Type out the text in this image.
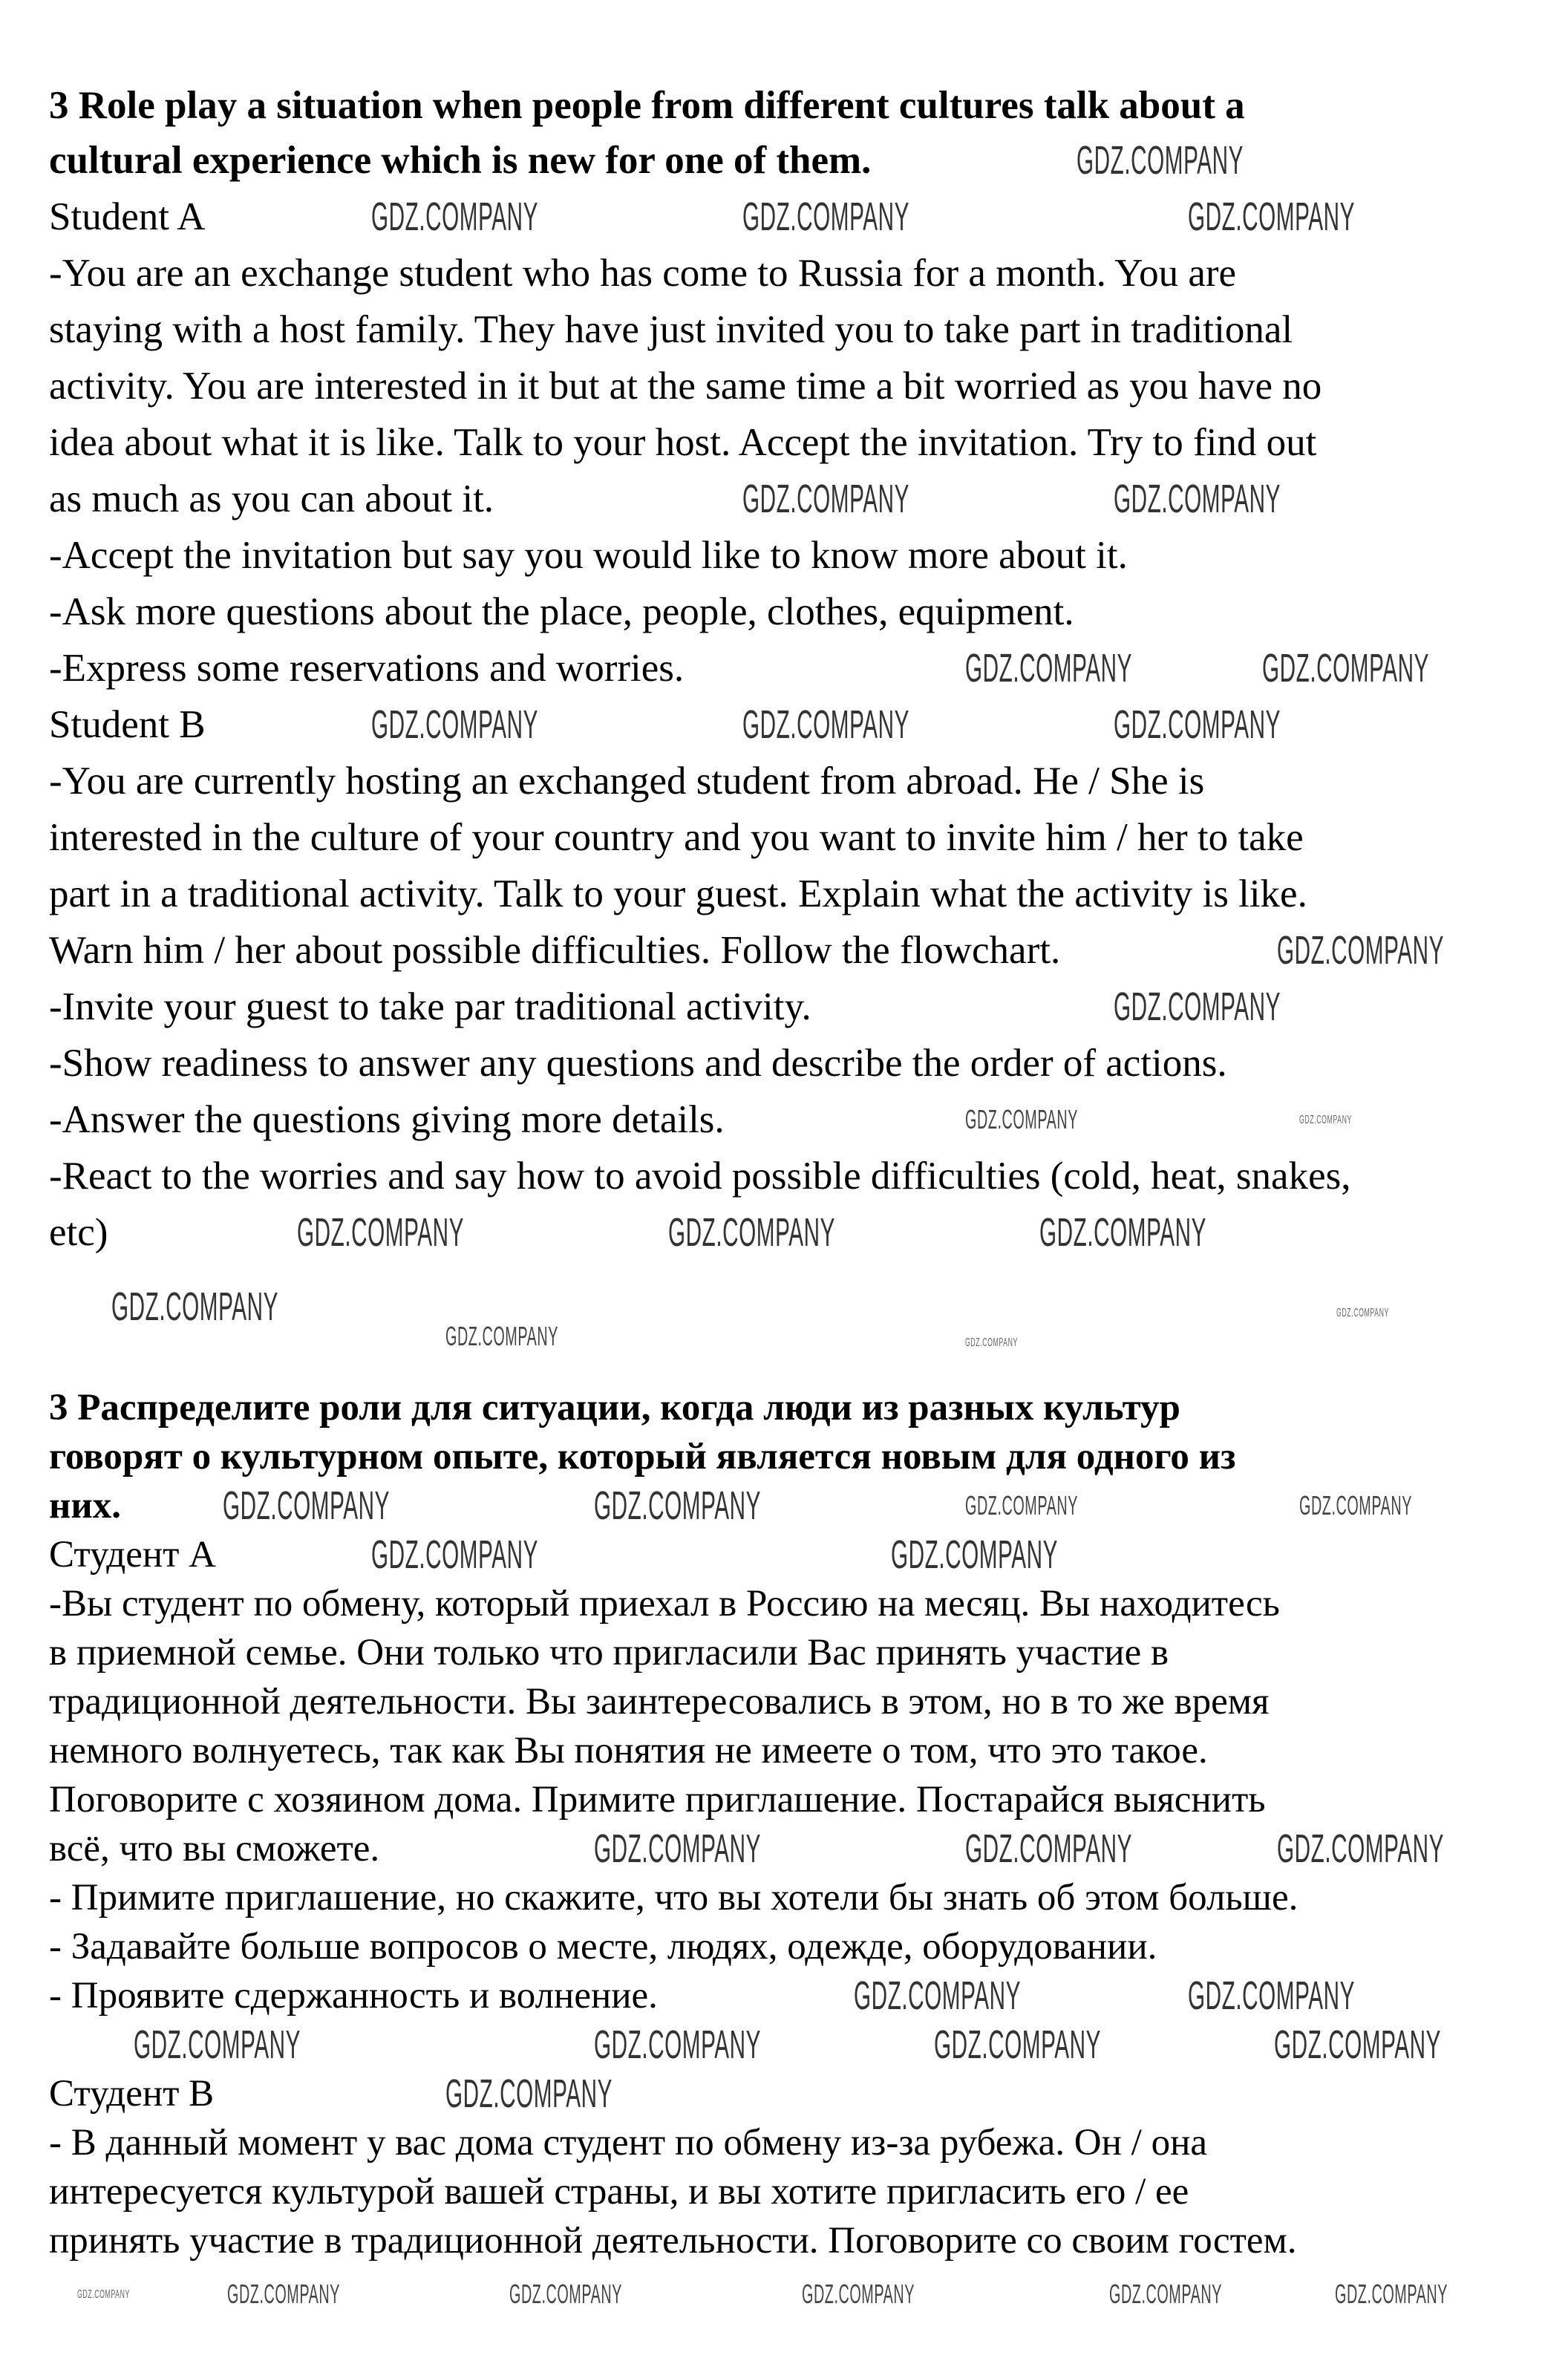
3 Role play a situation when people from different cultures talk about a
cultural experience which is new for one of them.
Student A
-You are an exchange student who has come to Russia for a month. You are
staying with a host family. They have just invited you to take part in traditional
activity. You are interested in it but at the same time a bit worried as you have no
idea about what it is like. Talk to your host. Accept the invitation. Try to find out
as much as you can about it.
-Accept the invitation but say you would like to know more about it.
-Ask more questions about the place, people, clothes, equipment.
-Express some reservations and worries.
Student B
-You are currently hosting an exchanged student from abroad. He / She is
interested in the culture of your country and you want to invite him / her to take
part in a traditional activity. Talk to your guest. Explain what the activity is like.
Warn him / her about possible difficulties. Follow the flowchart.
-Invite your guest to take par traditional activity.
-Show readiness to answer any questions and describe the order of actions.
-Answer the questions giving more details.
-React to the worries and say how to avoid possible difficulties (cold, heat, snakes,
etc)
3 Распределите роли для ситуации, когда люди из разных культур
говорят о культурном опыте, который является новым для одного из
них.
Студент А
-Вы студент по обмену, который приехал в Россию на месяц. Вы находитесь
в приемной семье. Они только что пригласили Вас принять участие в
традиционной деятельности. Вы заинтересовались в этом, но в то же время
немного волнуетесь, так как Вы понятия не имеете о том, что это такое.
Поговорите с хозяином дома. Примите приглашение. Постарайся выяснить
всё, что вы сможете.
- Примите приглашение, но скажите, что вы хотели бы знать об этом больше.
- Задавайте больше вопросов о месте, людях, одежде, оборудовании.
- Проявите сдержанность и волнение.
Студент В
- В данный момент у вас дома студент по обмену из-за рубежа. Он / она
интересуется культурой вашей страны, и вы хотите пригласить его / ее
принять участие в традиционной деятельности. Поговорите со своим гостем.
GDZ.COMPANY
GDZ.COMPANY	GDZ.COMPANY	GDZ.COMPANY
GDZ.COMPANY	GDZ.COMPANY
GDZ.COMPANY	GDZ.COMPANY
GDZ.COMPANY	GDZ.COMPANY	GDZ.COMPANY
GDZ.COMPANY
GDZ.COMPANY
GDZ.COMPANY	GDZ.COMPANY
GDZ.COMPANY	GDZ.COMPANY	GDZ.COMPANY
GDZ.COMPANY
GDZ.COMPANY	GDZ.COMPANY
GDZ.COMPANY
GDZ.COMPANY	GDZ.COMPANY	GDZ.COMPANY	GDZ.COMPANY
GDZ.COMPANY	GDZ.COMPANY
GDZ.COMPANY	GDZ.COMPANY	GDZ.COMPANY
GDZ.COMPANY	GDZ.COMPANY
GDZ.COMPANY	GDZ.COMPANY	GDZ.COMPANY	GDZ.COMPANY
GDZ.COMPANY
GDZ.COMPANY	GDZ.COMPANY	GDZ.COMPANY	GDZ.COMPANY	GDZ.COMPANY	GDZ.COMPANY
